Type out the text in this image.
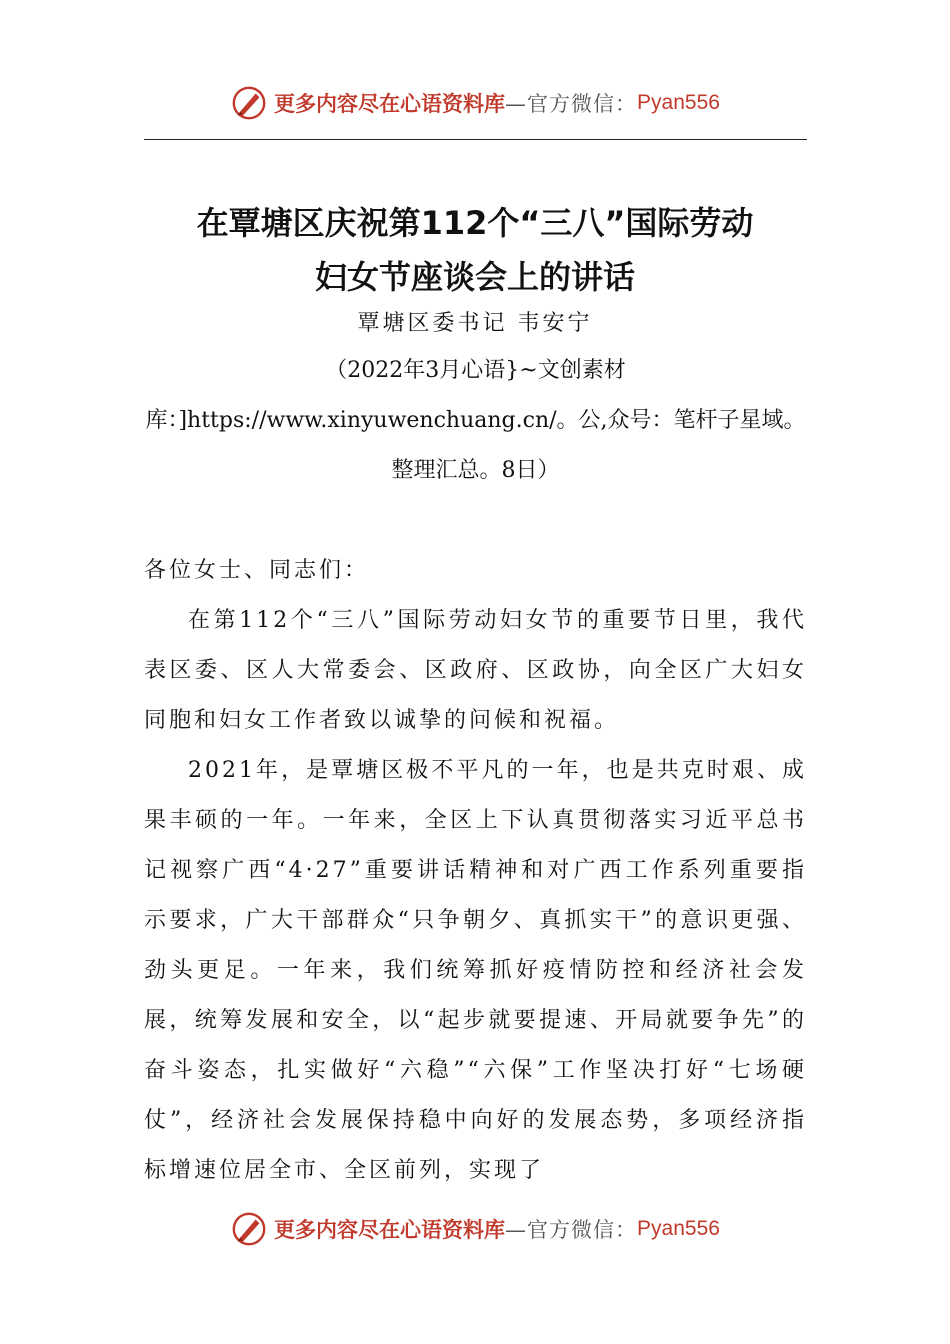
更多内容尽在心语资料库 —官方微信： Pyan556
在覃塘区庆祝第112个“三八”国际劳动
妇女节座谈会上的讲话
覃塘区委书记 韦安宁
（2022年3月心语}~文创素材库：]https://www.xinyuwenchuang.cn/。公,众号：笔杆子星域。整理汇总。8日）

各位女士、同志们：

在第112个“三八”国际劳动妇女节的重要节日里，我代表区委、区人大常委会、区政府、区政协，向全区广大妇女同胞和妇女工作者致以诚挚的问候和祝福。

2021年，是覃塘区极不平凡的一年，也是共克时艰、成果丰硕的一年。一年来，全区上下认真贯彻落实习近平总书记视察广西“4·27”重要讲话精神和对广西工作系列重要指示要求，广大干部群众“只争朝夕、真抓实干”的意识更强、劲头更足。一年来，我们统筹抓好疫情防控和经济社会发展，统筹发展和安全，以“起步就要提速、开局就要争先”的奋斗姿态，扎实做好“六稳”“六保”工作坚决打好“七场硬仗”，经济社会发展保持稳中向好的发展态势，多项经济指标增速位居全市、全区前列，实现了

更多内容尽在心语资料库 —官方微信： Pyan556
